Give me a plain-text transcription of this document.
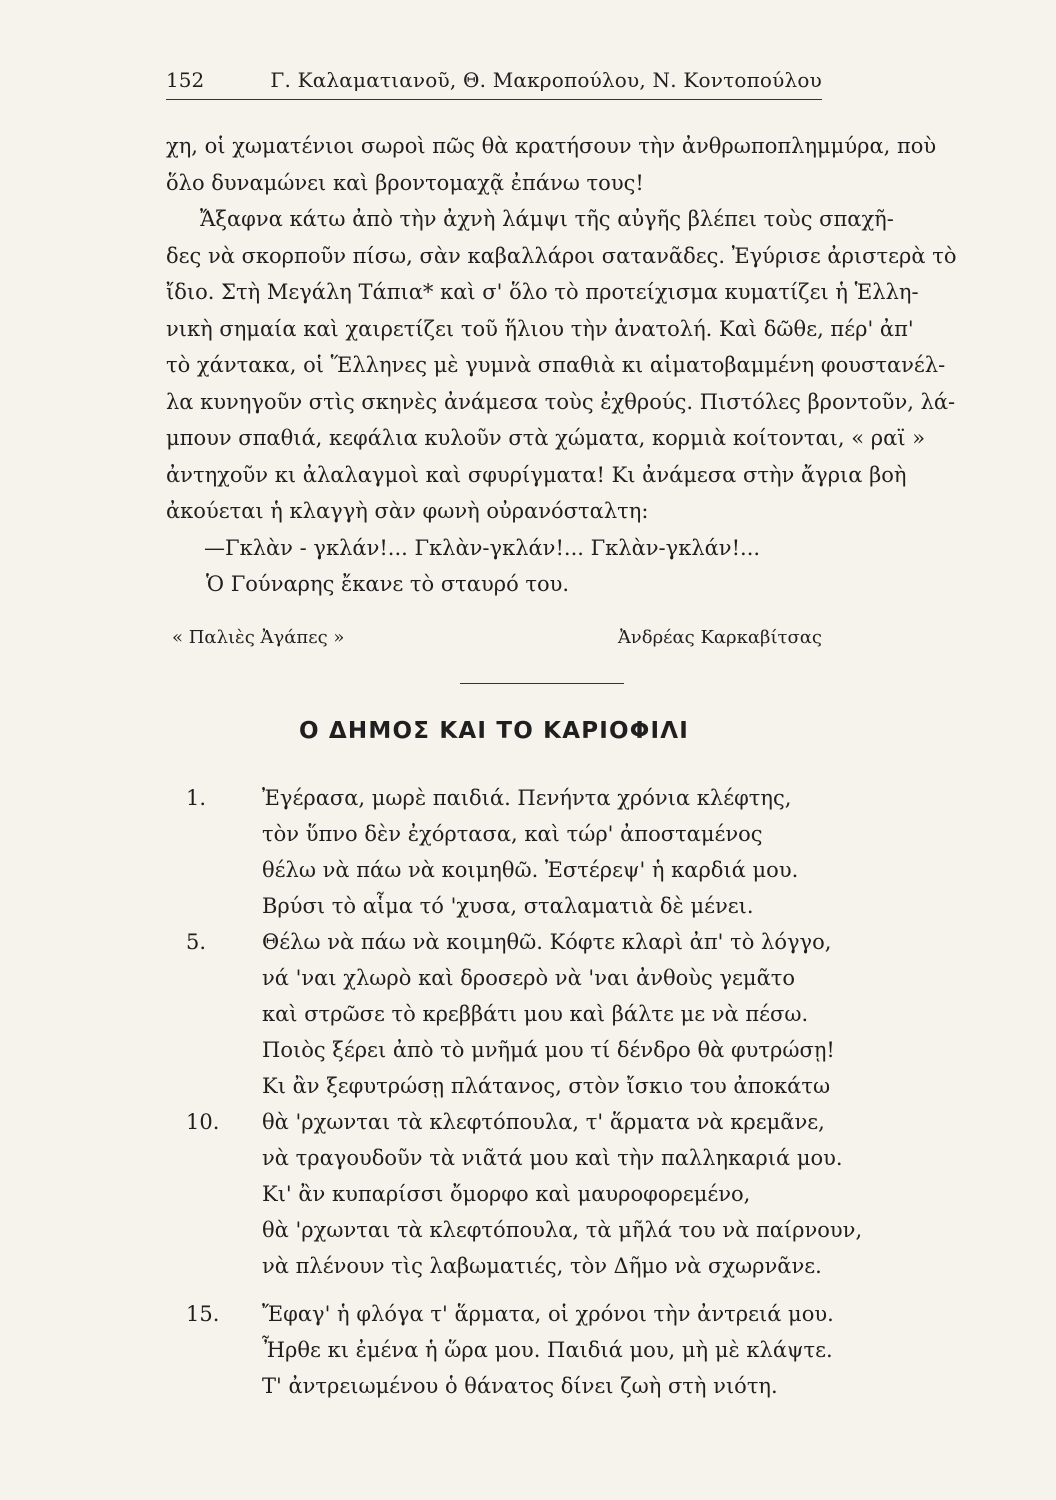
152	Γ. Καλαματιανοῦ, Θ. Μακροπούλου, Ν. Κοντοπούλου
χη, οἱ χωματένιοι σωροὶ πῶς θὰ κρατήσουν τὴν ἀνθρωποπλημμύρα, ποὺ
ὅλο δυναμώνει καὶ βροντομαχᾷ ἐπάνω τους!
Ἄξαφνα κάτω ἀπὸ τὴν ἀχνὴ λάμψι τῆς αὐγῆς βλέπει τοὺς σπαχῆ-
δες νὰ σκορποῦν πίσω, σὰν καβαλλάροι σατανᾶδες. Ἐγύρισε ἀριστερὰ τὸ
ἴδιο. Στὴ Μεγάλη Τάπια* καὶ σ' ὅλο τὸ προτείχισμα κυματίζει ἡ Ἑλλη-
νικὴ σημαία καὶ χαιρετίζει τοῦ ἥλιου τὴν ἀνατολή. Καὶ δῶθε, πέρ' ἀπ'
τὸ χάντακα, οἱ Ἕλληνες μὲ γυμνὰ σπαθιὰ κι αἱματοβαμμένη φουστανέλ-
λα κυνηγοῦν στὶς σκηνὲς ἀνάμεσα τοὺς ἐχθρούς. Πιστόλες βροντοῦν, λά-
μπουν σπαθιά, κεφάλια κυλοῦν στὰ χώματα, κορμιὰ κοίτονται, « ραϊ »
ἀντηχοῦν κι ἀλαλαγμοὶ καὶ σφυρίγματα! Κι ἀνάμεσα στὴν ἄγρια βοὴ
ἀκούεται ἡ κλαγγὴ σὰν φωνὴ οὐρανόσταλτη:
—Γκλὰν - γκλάν!... Γκλὰν-γκλάν!... Γκλὰν-γκλάν!...
Ὁ Γούναρης ἔκανε τὸ σταυρό του.
« Παλιὲς Ἀγάπες »	Ἀνδρέας Καρκαβίτσας
Ο ΔΗΜΟΣ ΚΑΙ ΤΟ ΚΑΡΙΟΦΙΛΙ
1.	Ἐγέρασα, μωρὲ παιδιά. Πενήντα χρόνια κλέφτης,
τὸν ὕπνο δὲν ἐχόρτασα, καὶ τώρ' ἀποσταμένος
θέλω νὰ πάω νὰ κοιμηθῶ. Ἐστέρεψ' ἡ καρδιά μου.
Βρύσι τὸ αἷμα τό 'χυσα, σταλαματιὰ δὲ μένει.
5.	Θέλω νὰ πάω νὰ κοιμηθῶ. Κόφτε κλαρὶ ἀπ' τὸ λόγγο,
νά 'ναι χλωρὸ καὶ δροσερὸ νὰ 'ναι ἀνθοὺς γεμᾶτο
καὶ στρῶσε τὸ κρεββάτι μου καὶ βάλτε με νὰ πέσω.
Ποιὸς ξέρει ἀπὸ τὸ μνῆμά μου τί δένδρο θὰ φυτρώσῃ!
Κι ἂν ξεφυτρώσῃ πλάτανος, στὸν ἴσκιο του ἀποκάτω
10. θὰ 'ρχωνται τὰ κλεφτόπουλα, τ' ἅρματα νὰ κρεμᾶνε,
νὰ τραγουδοῦν τὰ νιᾶτά μου καὶ τὴν παλληκαριά μου.
Κι' ἂν κυπαρίσσι ὄμορφο καὶ μαυροφορεμένο,
θὰ 'ρχωνται τὰ κλεφτόπουλα, τὰ μῆλά του νὰ παίρνουν,
νὰ πλένουν τὶς λαβωματιές, τὸν Δῆμο νὰ σχωρνᾶνε.
15. Ἔφαγ' ἡ φλόγα τ' ἅρματα, οἱ χρόνοι τὴν ἀντρειά μου.
Ἦρθε κι ἐμένα ἡ ὥρα μου. Παιδιά μου, μὴ μὲ κλάψτε.
Τ' ἀντρειωμένου ὁ θάνατος δίνει ζωὴ στὴ νιότη.
